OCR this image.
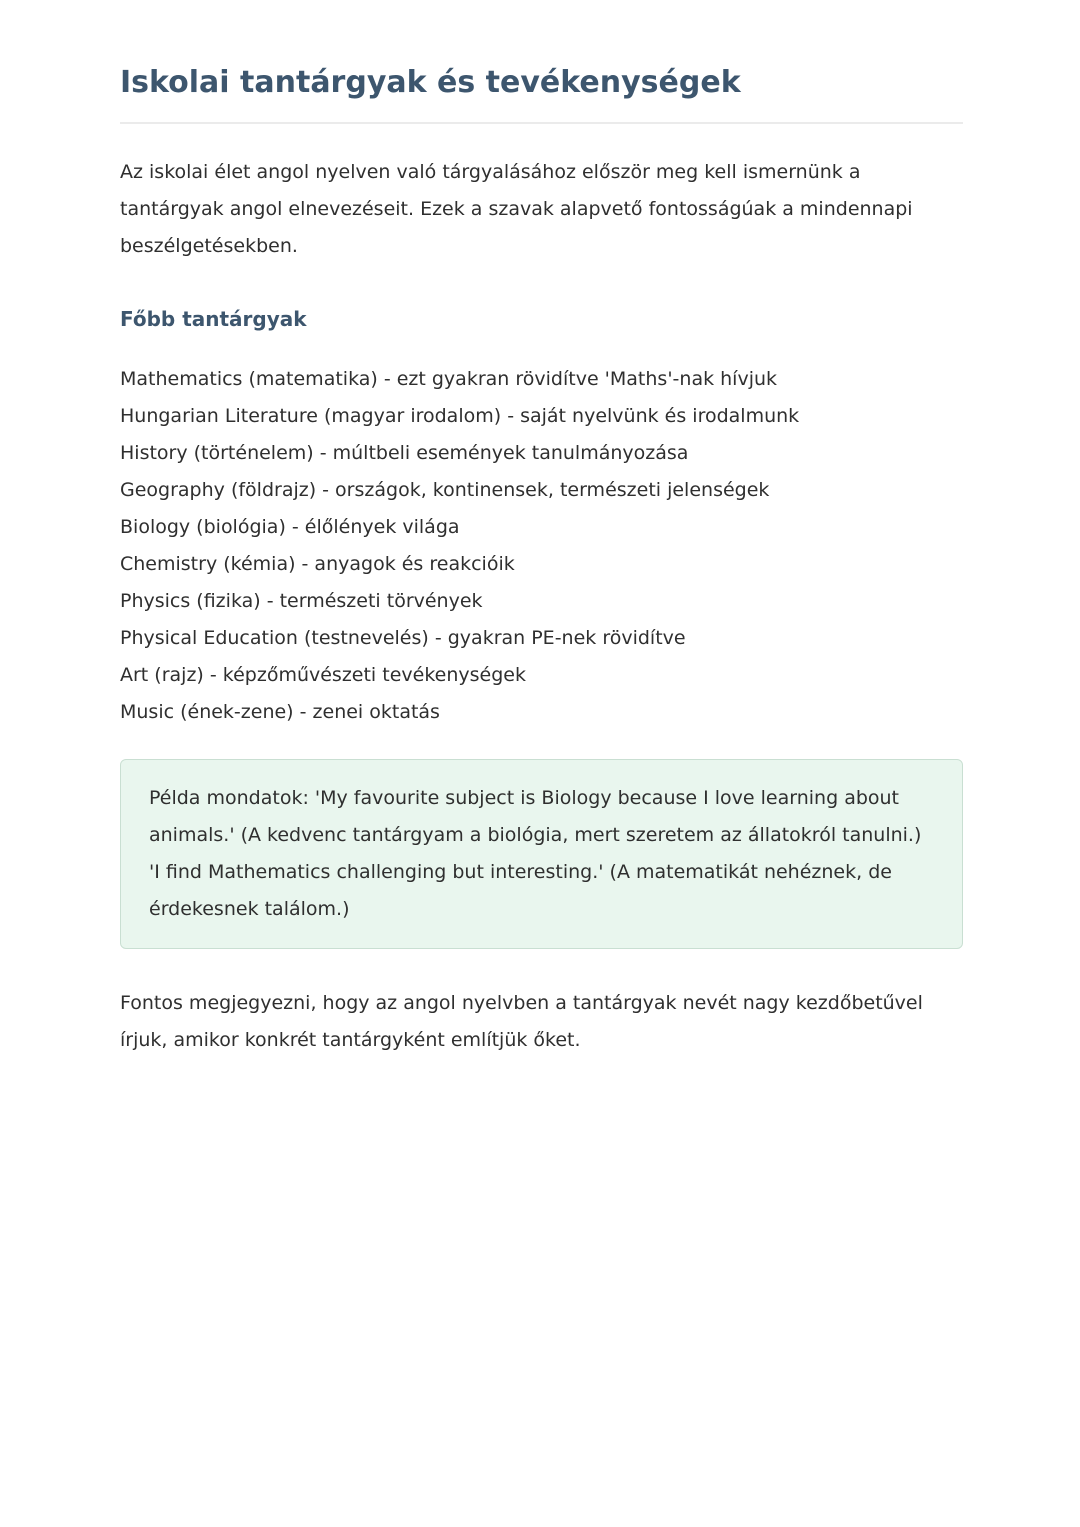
Iskolai tantárgyak és tevékenységek

Az iskolai élet angol nyelven való tárgyalásához először meg kell ismernünk a tantárgyak angol elnevezéseit. Ezek a szavak alapvető fontosságúak a mindennapi beszélgetésekben.

Főbb tantárgyak
Mathematics (matematika) - ezt gyakran rövidítve 'Maths'-nak hívjuk
Hungarian Literature (magyar irodalom) - saját nyelvünk és irodalmunk
History (történelem) - múltbeli események tanulmányozása
Geography (földrajz) - országok, kontinensek, természeti jelenségek
Biology (biológia) - élőlények világa
Chemistry (kémia) - anyagok és reakcióik
Physics (fizika) - természeti törvények
Physical Education (testnevelés) - gyakran PE-nek rövidítve
Art (rajz) - képzőművészeti tevékenységek
Music (ének-zene) - zenei oktatás

Példa mondatok: 'My favourite subject is Biology because I love learning about animals.' (A kedvenc tantárgyam a biológia, mert szeretem az állatokról tanulni.) 'I find Mathematics challenging but interesting.' (A matematikát nehéznek, de érdekesnek találom.)

Fontos megjegyezni, hogy az angol nyelvben a tantárgyak nevét nagy kezdőbetűvel írjuk, amikor konkrét tantárgyként említjük őket.
